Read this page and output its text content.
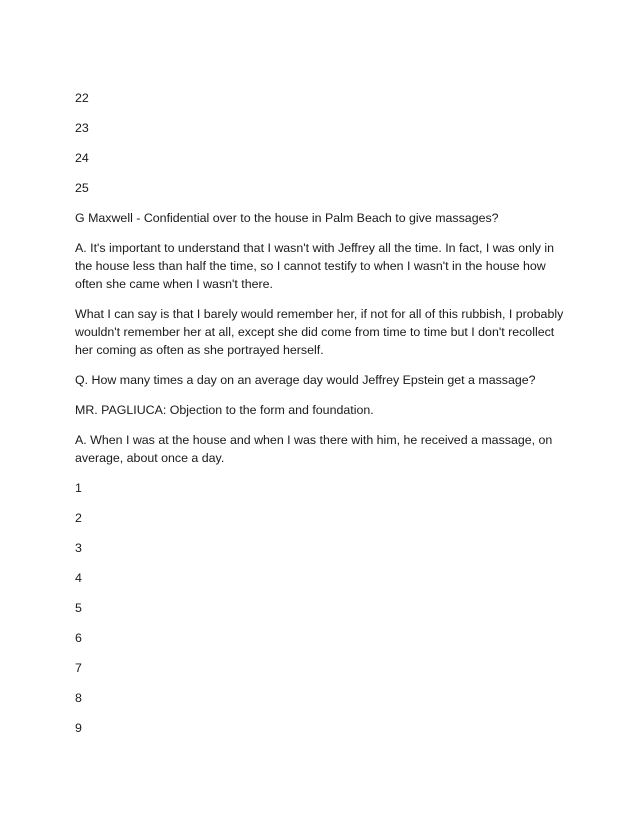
22
23
24
25

G Maxwell - Confidential over to the house in Palm Beach to give massages?

A. It's important to understand that I wasn't with Jeffrey all the time. In fact, I was only in the house less than half the time, so I cannot testify to when I wasn't in the house how often she came when I wasn't there.

What I can say is that I barely would remember her, if not for all of this rubbish, I probably wouldn't remember her at all, except she did come from time to time but I don't recollect her coming as often as she portrayed herself.

Q. How many times a day on an average day would Jeffrey Epstein get a massage?

MR. PAGLIUCA: Objection to the form and foundation.

A. When I was at the house and when I was there with him, he received a massage, on average, about once a day.

1
2
3
4
5
6
7
8
9
